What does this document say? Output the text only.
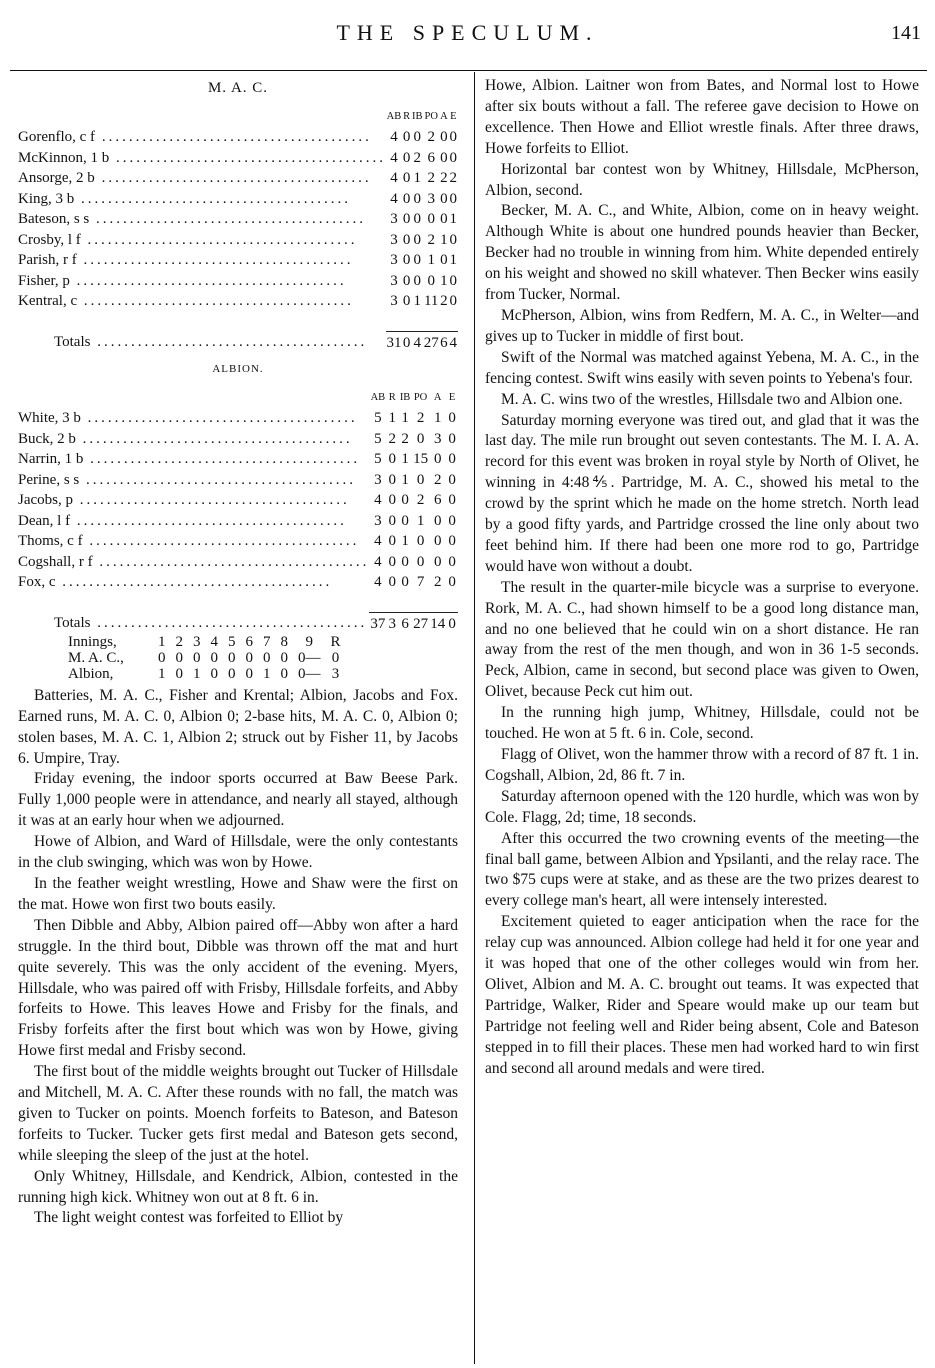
THE SPECULUM.	141
M. A. C.
	AB	R	IB	PO	A	E
Gorenflo, c f ........................................	4	0	0	2	0	0
McKinnon, 1 b ........................................	4	0	2	6	0	0
Ansorge, 2 b ........................................	4	0	1	2	2	2
King, 3 b ........................................	4	0	0	3	0	0
Bateson, s s ........................................	3	0	0	0	0	1
Crosby, l f ........................................	3	0	0	2	1	0
Parish, r f ........................................	3	0	0	1	0	1
Fisher, p ........................................	3	0	0	0	1	0
Kentral, c ........................................	3	0	1	11	2	0

Totals ........................................	31	0	4	27	6	4
ALBION.
	AB	R	IB	PO	A	E
White, 3 b ........................................	5	1	1	2	1	0
Buck, 2 b ........................................	5	2	2	0	3	0
Narrin, 1 b ........................................	5	0	1	15	0	0
Perine, s s ........................................	3	0	1	0	2	0
Jacobs, p ........................................	4	0	0	2	6	0
Dean, l f ........................................	3	0	0	1	0	0
Thoms, c f ........................................	4	0	1	0	0	0
Cogshall, r f ........................................	4	0	0	0	0	0
Fox, c ........................................	4	0	0	7	2	0

Totals ........................................	37	3	6	27	14	0
Innings,	1	2	3	4	5	6	7	8	9	R
M. A. C.,	0	0	0	0	0	0	0	0	0—	0
Albion,	1	0	1	0	0	0	1	0	0—	3

Batteries, M. A. C., Fisher and Krental; Albion, Jacobs and Fox. Earned runs, M. A. C. 0, Albion 0; 2-base hits, M. A. C. 0, Albion 0; stolen bases, M. A. C. 1, Albion 2; struck out by Fisher 11, by Jacobs 6. Umpire, Tray.

Friday evening, the indoor sports occurred at Baw Beese Park. Fully 1,000 people were in attendance, and nearly all stayed, although it was at an early hour when we adjourned.

Howe of Albion, and Ward of Hillsdale, were the only contestants in the club swinging, which was won by Howe.

In the feather weight wrestling, Howe and Shaw were the first on the mat. Howe won first two bouts easily.

Then Dibble and Abby, Albion paired off—Abby won after a hard struggle. In the third bout, Dibble was thrown off the mat and hurt quite severely. This was the only accident of the evening. Myers, Hillsdale, who was paired off with Frisby, Hillsdale forfeits, and Abby forfeits to Howe. This leaves Howe and Frisby for the finals, and Frisby forfeits after the first bout which was won by Howe, giving Howe first medal and Frisby second.

The first bout of the middle weights brought out Tucker of Hillsdale and Mitchell, M. A. C. After these rounds with no fall, the match was given to Tucker on points. Moench forfeits to Bateson, and Bateson forfeits to Tucker. Tucker gets first medal and Bateson gets second, while sleeping the sleep of the just at the hotel.

Only Whitney, Hillsdale, and Kendrick, Albion, contested in the running high kick. Whitney won out at 8 ft. 6 in.

The light weight contest was forfeited to Elliot by

Howe, Albion. Laitner won from Bates, and Normal lost to Howe after six bouts without a fall. The referee gave decision to Howe on excellence. Then Howe and Elliot wrestle finals. After three draws, Howe forfeits to Elliot.

Horizontal bar contest won by Whitney, Hillsdale, McPherson, Albion, second.

Becker, M. A. C., and White, Albion, come on in heavy weight. Although White is about one hundred pounds heavier than Becker, Becker had no trouble in winning from him. White depended entirely on his weight and showed no skill whatever. Then Becker wins easily from Tucker, Normal.

McPherson, Albion, wins from Redfern, M. A. C., in Welter—and gives up to Tucker in middle of first bout.

Swift of the Normal was matched against Yebena, M. A. C., in the fencing contest. Swift wins easily with seven points to Yebena's four.

M. A. C. wins two of the wrestles, Hillsdale two and Albion one.

Saturday morning everyone was tired out, and glad that it was the last day. The mile run brought out seven contestants. The M. I. A. A. record for this event was broken in royal style by North of Olivet, he winning in 4:48⅘. Partridge, M. A. C., showed his metal to the crowd by the sprint which he made on the home stretch. North lead by a good fifty yards, and Partridge crossed the line only about two feet behind him. If there had been one more rod to go, Partridge would have won without a doubt.

The result in the quarter-mile bicycle was a surprise to everyone. Rork, M. A. C., had shown himself to be a good long distance man, and no one believed that he could win on a short distance. He ran away from the rest of the men though, and won in 36 1-5 seconds. Peck, Albion, came in second, but second place was given to Owen, Olivet, because Peck cut him out.

In the running high jump, Whitney, Hillsdale, could not be touched. He won at 5 ft. 6 in. Cole, second.

Flagg of Olivet, won the hammer throw with a record of 87 ft. 1 in. Cogshall, Albion, 2d, 86 ft. 7 in.

Saturday afternoon opened with the 120 hurdle, which was won by Cole. Flagg, 2d; time, 18 seconds.

After this occurred the two crowning events of the meeting—the final ball game, between Albion and Ypsilanti, and the relay race. The two $75 cups were at stake, and as these are the two prizes dearest to every college man's heart, all were intensely interested.

Excitement quieted to eager anticipation when the race for the relay cup was announced. Albion college had held it for one year and it was hoped that one of the other colleges would win from her. Olivet, Albion and M. A. C. brought out teams. It was expected that Partridge, Walker, Rider and Speare would make up our team but Partridge not feeling well and Rider being absent, Cole and Bateson stepped in to fill their places. These men had worked hard to win first and second all around medals and were tired.
